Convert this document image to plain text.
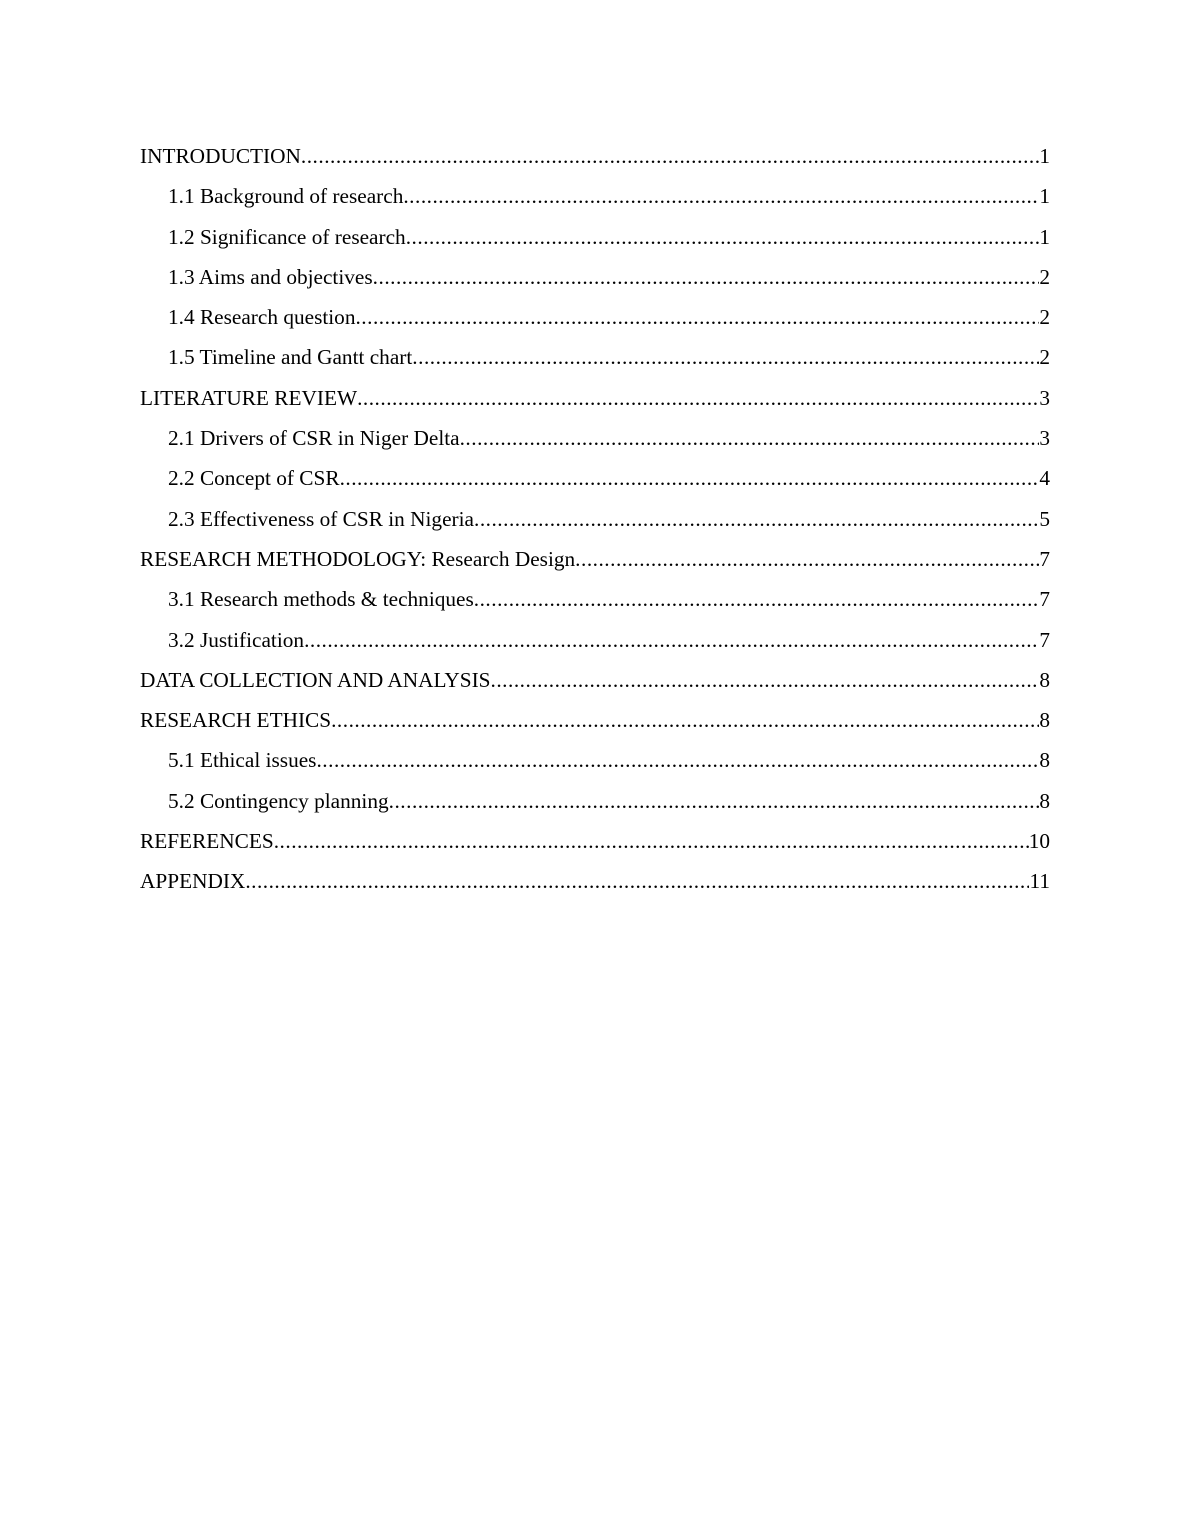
INTRODUCTION .....	1
1.1 Background of research .....	1
1.2 Significance of research .....	1
1.3 Aims and objectives .....	2
1.4 Research question .....	2
1.5 Timeline and Gantt chart .....	2
LITERATURE REVIEW .....	3
2.1 Drivers of CSR in Niger Delta .....	3
2.2 Concept of CSR .....	4
2.3 Effectiveness of CSR in Nigeria .....	5
RESEARCH METHODOLOGY: Research Design .....	7
3.1 Research methods & techniques .....	7
3.2 Justification .....	7
DATA COLLECTION AND ANALYSIS .....	8
RESEARCH ETHICS .....	8
5.1 Ethical issues .....	8
5.2 Contingency planning .....	8
REFERENCES .....	10
APPENDIX .....	11
